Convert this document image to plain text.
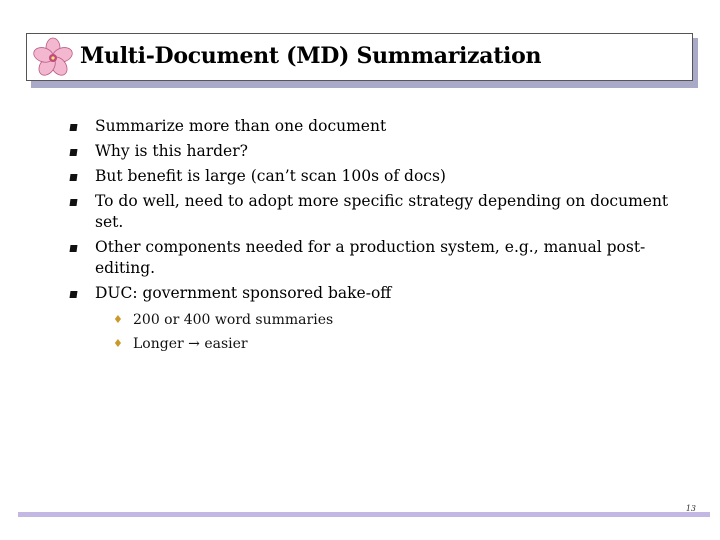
Multi-Document (MD) Summarization
Summarize more than one document
Why is this harder?
But benefit is large (can’t scan 100s of docs)
To do well, need to adopt more specific strategy depending on document set.
Other components needed for a production system, e.g., manual post-editing.
DUC: government sponsored bake-off
♦ 200 or 400 word summaries
♦ Longer → easier
13
